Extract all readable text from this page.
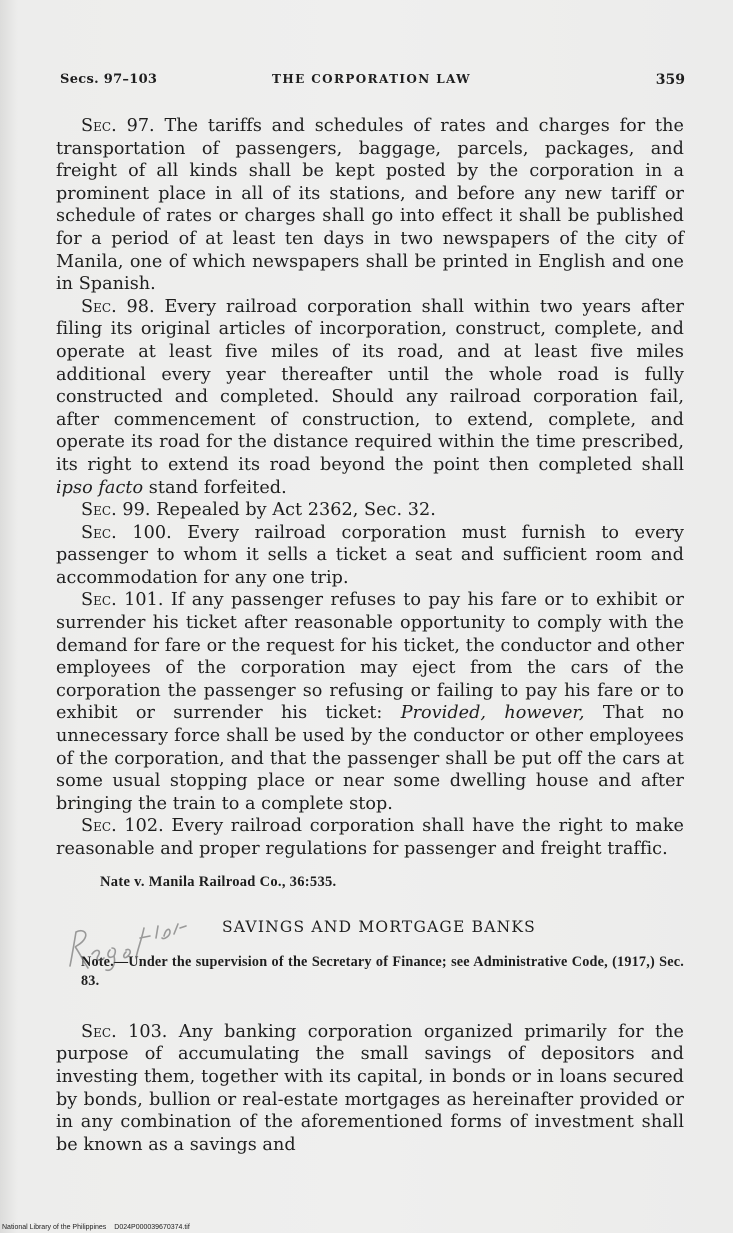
Secs. 97–103	THE CORPORATION LAW	359

Sec. 97. The tariffs and schedules of rates and charges for the transportation of passengers, baggage, parcels, packages, and freight of all kinds shall be kept posted by the corporation in a prominent place in all of its stations, and before any new tariff or schedule of rates or charges shall go into effect it shall be published for a period of at least ten days in two newspapers of the city of Manila, one of which newspapers shall be printed in English and one in Spanish.

Sec. 98. Every railroad corporation shall within two years after filing its original articles of incorporation, construct, complete, and operate at least five miles of its road, and at least five miles additional every year thereafter until the whole road is fully constructed and completed. Should any railroad corporation fail, after commencement of construction, to extend, complete, and operate its road for the distance required within the time prescribed, its right to extend its road beyond the point then completed shall ipso facto stand forfeited.

Sec. 99. Repealed by Act 2362, Sec. 32.

Sec. 100. Every railroad corporation must furnish to every passenger to whom it sells a ticket a seat and sufficient room and accommodation for any one trip.

Sec. 101. If any passenger refuses to pay his fare or to exhibit or surrender his ticket after reasonable opportunity to comply with the demand for fare or the request for his ticket, the conductor and other employees of the corporation may eject from the cars of the corporation the passenger so refusing or failing to pay his fare or to exhibit or surrender his ticket: Provided, however, That no unnecessary force shall be used by the conductor or other employees of the corporation, and that the passenger shall be put off the cars at some usual stopping place or near some dwelling house and after bringing the train to a complete stop.

Sec. 102. Every railroad corporation shall have the right to make reasonable and proper regulations for passenger and freight traffic.

Nate v. Manila Railroad Co., 36:535.
SAVINGS AND MORTGAGE BANKS
Note.—Under the supervision of the Secretary of Finance; see Administrative Code, (1917,) Sec. 83.

Sec. 103. Any banking corporation organized primarily for the purpose of accumulating the small savings of depositors and investing them, together with its capital, in bonds or in loans secured by bonds, bullion or real-estate mortgages as hereinafter provided or in any combination of the aforementioned forms of investment shall be known as a savings and

National Library of the Philippines D024P000039670374.tif
